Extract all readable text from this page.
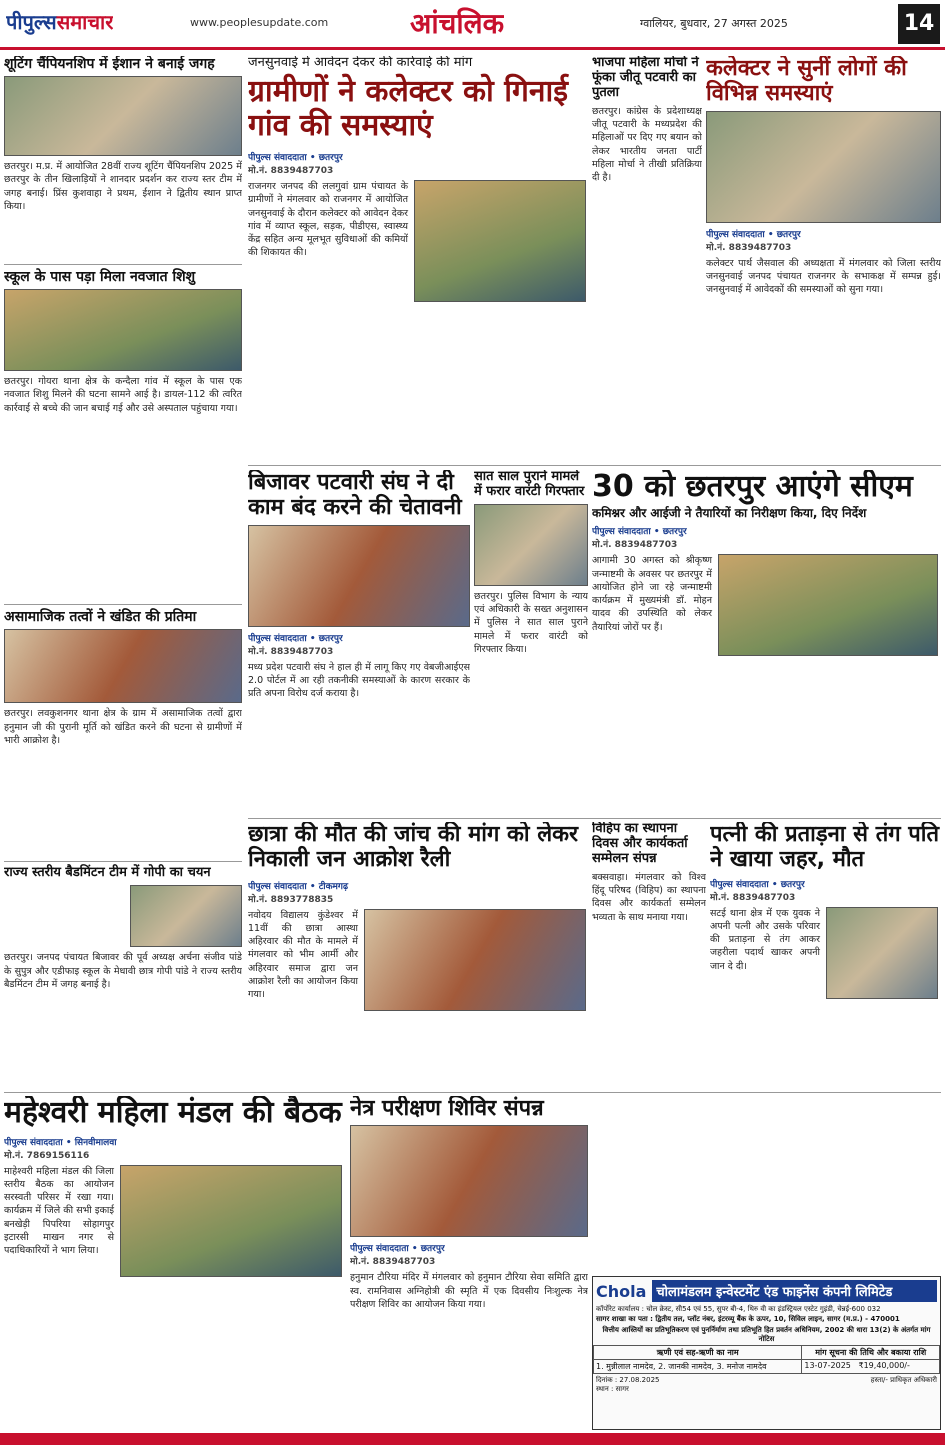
पीपुल्ससमाचार	www.peoplesupdate.com	आंचलिक	ग्वालियर, बुधवार, 27 अगस्त 2025	14
शूटिंग चैंपियनशिप में ईशान ने बनाई जगह
छतरपुर। म.प्र. में आयोजित 28वीं राज्य शूटिंग चैंपियनशिप 2025 में छतरपुर के तीन खिलाड़ियों ने शानदार प्रदर्शन कर राज्य स्तर टीम में जगह बनाई। प्रिंस कुशवाहा ने प्रथम, ईशान ने द्वितीय स्थान प्राप्त किया।
स्कूल के पास पड़ा मिला नवजात शिशु
छतरपुर। गोयरा थाना क्षेत्र के कन्दैला गांव में स्कूल के पास एक नवजात शिशु मिलने की घटना सामने आई है। डायल-112 की त्वरित कार्रवाई से बच्चे की जान बचाई गई और उसे अस्पताल पहुंचाया गया।
असामाजिक तत्वों ने खंडित की प्रतिमा
छतरपुर। लवकुशनगर थाना क्षेत्र के ग्राम में असामाजिक तत्वों द्वारा हनुमान जी की पुरानी मूर्ति को खंडित करने की घटना से ग्रामीणों में भारी आक्रोश है।
राज्य स्तरीय बैडमिंटन टीम में गोपी का चयन
छतरपुर। जनपद पंचायत बिजावर की पूर्व अध्यक्ष अर्चना संजीव पांडे के सुपुत्र और एडीफाइ स्कूल के मेधावी छात्र गोपी पांडे ने राज्य स्तरीय बैडमिंटन टीम में जगह बनाई है।
जनसुनवाई में आवेदन देकर की कार्रवाई की मांग
ग्रामीणों ने कलेक्टर को गिनाई गांव की समस्याएं
पीपुल्स संवाददाता • छतरपुर
मो.नं. 8839487703
राजनगर जनपद की ललगुवां ग्राम पंचायत के ग्रामीणों ने मंगलवार को राजनगर में आयोजित जनसुनवाई के दौरान कलेक्टर को आवेदन देकर गांव में व्याप्त स्कूल, सड़क, पीडीएस, स्वास्थ्य केंद्र सहित अन्य मूलभूत सुविधाओं की कमियों की शिकायत की।
भाजपा महिला मोर्चा ने फूंका जीतू पटवारी का पुतला
छतरपुर। कांग्रेस के प्रदेशाध्यक्ष जीतू पटवारी के मध्यप्रदेश की महिलाओं पर दिए गए बयान को लेकर भारतीय जनता पार्टी महिला मोर्चा ने तीखी प्रतिक्रिया दी है।
कलेक्टर ने सुनीं लोगों की विभिन्न समस्याएं
पीपुल्स संवाददाता • छतरपुर
मो.नं. 8839487703
कलेक्टर पार्थ जैसवाल की अध्यक्षता में मंगलवार को जिला स्तरीय जनसुनवाई जनपद पंचायत राजनगर के सभाकक्ष में सम्पन्न हुई। जनसुनवाई में आवेदकों की समस्याओं को सुना गया।
बिजावर पटवारी संघ ने दी काम बंद करने की चेतावनी
पीपुल्स संवाददाता • छतरपुर
मो.नं. 8839487703
मध्य प्रदेश पटवारी संघ ने हाल ही में लागू किए गए वेबजीआईएस 2.0 पोर्टल में आ रही तकनीकी समस्याओं के कारण सरकार के प्रति अपना विरोध दर्ज कराया है।
सात साल पुराने मामले में फरार वारंटी गिरफ्तार
छतरपुर। पुलिस विभाग के न्याय एवं अधिकारी के सख्त अनुशासन में पुलिस ने सात साल पुराने मामले में फरार वारंटी को गिरफ्तार किया।
30 को छतरपुर आएंगे सीएम
कमिश्नर और आईजी ने तैयारियों का निरीक्षण किया, दिए निर्देश
पीपुल्स संवाददाता • छतरपुर
मो.नं. 8839487703
आगामी 30 अगस्त को श्रीकृष्ण जन्माष्टमी के अवसर पर छतरपुर में आयोजित होने जा रहे जन्माष्टमी कार्यक्रम में मुख्यमंत्री डॉ. मोहन यादव की उपस्थिति को लेकर तैयारियां जोरों पर हैं।
छात्रा की मौत की जांच की मांग को लेकर निकाली जन आक्रोश रैली
पीपुल्स संवाददाता • टीकमगढ़
मो.नं. 8893778835
नवोदय विद्यालय कुंडेश्वर में 11वीं की छात्रा आस्था अहिरवार की मौत के मामले में मंगलवार को भीम आर्मी और अहिरवार समाज द्वारा जन आक्रोश रैली का आयोजन किया गया।
विहिप का स्थापना दिवस और कार्यकर्ता सम्मेलन संपन्न
बक्सवाहा। मंगलवार को विश्व हिंदू परिषद (विहिप) का स्थापना दिवस और कार्यकर्ता सम्मेलन भव्यता के साथ मनाया गया।
पत्नी की प्रताड़ना से तंग पति ने खाया जहर, मौत
पीपुल्स संवाददाता • छतरपुर
मो.नं. 8839487703
सटई थाना क्षेत्र में एक युवक ने अपनी पत्नी और उसके परिवार की प्रताड़ना से तंग आकर जहरीला पदार्थ खाकर अपनी जान दे दी।
महेश्वरी महिला मंडल की बैठक
पीपुल्स संवाददाता • सिनवीमालवा
मो.नं. 7869156116
माहेश्वरी महिला मंडल की जिला स्तरीय बैठक का आयोजन सरस्वती परिसर में रखा गया। कार्यक्रम में जिले की सभी इकाई बनखेड़ी पिपरिया सोहागपुर इटारसी माखन नगर से पदाधिकारियों ने भाग लिया।
नेत्र परीक्षण शिविर संपन्न
पीपुल्स संवाददाता • छतरपुर
मो.नं. 8839487703
हनुमान टौरिया मंदिर में मंगलवार को हनुमान टौरिया सेवा समिति द्वारा स्व. रामनिवास अग्निहोत्री की स्मृति में एक दिवसीय निःशुल्क नेत्र परीक्षण शिविर का आयोजन किया गया।
Chola चोलामंडलम इन्वेस्टमेंट एंड फाइनेंस कंपनी लिमिटेड
कॉर्पोरेट कार्यालय : चोल क्रेस्ट, सी54 एवं 55, सुपर बी-4, थिरु वी का इंडस्ट्रियल एस्टेट गुइंडी, चेन्नई-600 032
सागर शाखा का पता : द्वितीय तल, प्लॉट नंबर, इंटरव्यू बैंक के ऊपर, 10, सिविल लाइन, सागर (म.प्र.) - 470001
वित्तीय आस्तियों का प्रतिभूतिकरण एवं पुनर्निर्माण तथा प्रतिभूति हित प्रवर्तन अधिनियम, 2002 की धारा 13(2) के अंतर्गत मांग नोटिस
ऋणी एवं सह-ऋणी का नाम	मांग सूचना की तिथि और बकाया राशि
1. मुन्नीलाल नामदेव, 2. जानकी नामदेव, 3. मनोज नामदेव	13-07-2025   ₹19,40,000/-
दिनांक : 27.08.2025
स्थान : सागर
हस्ता/- प्राधिकृत अधिकारी
